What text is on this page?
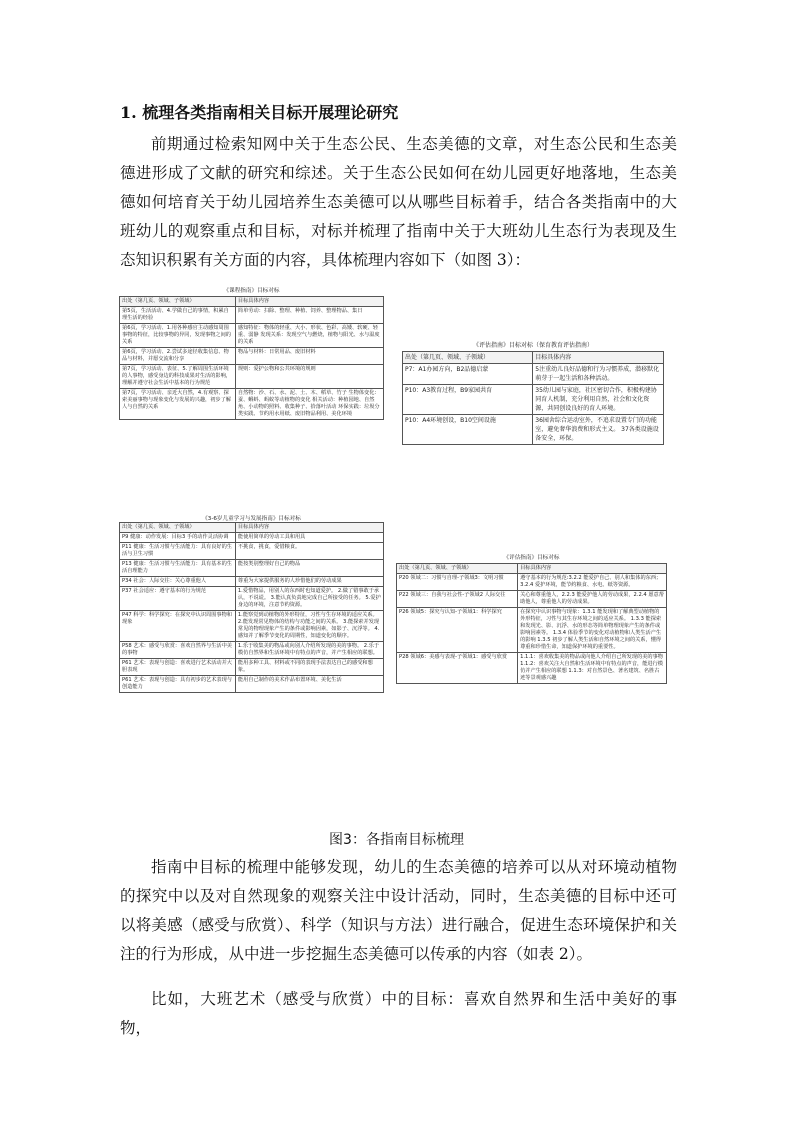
1. 梳理各类指南相关目标开展理论研究

前期通过检索知网中关于生态公民、生态美德的文章，对生态公民和生态美德进形成了文献的研究和综述。关于生态公民如何在幼儿园更好地落地，生态美德如何培育关于幼儿园培养生态美德可以从哪些目标着手，结合各类指南中的大班幼儿的观察重点和目标，对标并梳理了指南中关于大班幼儿生态行为表现及生态知识积累有关方面的内容，具体梳理内容如下（如图 3）：

《课程指南》目标对标
出处（第几页、领域、子领域）	目标具体内容
第5页，生活活动、4.学做自己的事情，积累自理生活的经验	简单劳动：扫除、整理、种植、饲养、整理物品、集日
第6页，学习活动、1.用各种感官主动感知周围事物的特征，比较事物的异同，发现事物之间的关系	感知特征：物体的轻重、大小、形状、色彩、高矮、软硬、轻重、弱静 发现关系：发现空气与燃烧，植物与阳光、水与温度的关系
第6页，学习活动、2.尝试多途径收集信息、物品与材料，并愿交流和分享	物品与材料：日常用品、废旧材料
第7页，学习活动、表征、5.了解周围生活环境的人事物，感受身边的科技成果对生活的影响，理解并遵守社会生活中基本的行为规范	规则：爱护公物和公共环境的规则
第7页，学习活动、亲近大自然，4.有观察、探索美丽事物与现象变化与发展的兴趣，初步了解人与自然的关系	自然物：沙、石、水、泥、土、木、稻草、竹子 生物体变化：蚕、蝌蚪、蚂蚁等动植物的变化 相关活动：种植园地、自然角、小动物的照料、收集种子、拾落叶活动 环保实践：垃圾分类实践、节约用水用纸、废旧物品利用、美化环境
《评估指南》目标对标（保育教育评估指南）
出处（第几页、领域、子领域）	目标具体内容
P7：A1办园方向，B2品德启蒙	5注重幼儿良好品德和行为习惯养成，潜移默化萌芽于一起生活和各种活动。
P10：A3教育过程，B9家园共育	35幼儿园与家庭，社区密切合作，积极构建协同育人机制，充分利用自然，社会和文化资源，共同创设良好的育人环境。
P10：A4环境创设，B10空间设施	36园舍综合运动室外，不追求设置专门的功能室，避免奢华浪费和形式主义。 37各类设施设备安全，环保。
《3-6岁儿童学习与发展指南》目标对标
出处（第几页、领域、子领域）	目标具体内容
P9 健康：动作发展：目标3 手的动作灵活协调	能使用简单的劳动工具和用具
P11 健康：生活习惯与生活能力：具有良好的生活与卫生习惯	不挑食，挑食，爱惜粮食。
P13 健康：生活习惯与生活能力：具有基本的生活自理能力	能按类别整理好自己的物品
P34 社会：人际交往：关心尊重他人	尊重为大家提供服务的人珍惜他们的劳动成果
P37 社会适应：遵守基本的行为规范	1.爱惜物品，用别人的东西时也知道爱护。 2.做了错事敢于承认，不说谎。 3.能认真负责地完成自己所接受的任务。 5.爱护身边的环境，注意节约资源。
P47 科学：科学探究：在探究中认识周围事物和现象	1.能察觉到动植物的外形特征，习性与生存环境的适应关系。 2.能发现常见物体的结构与功能之间的关系。 3.能探索并发现常见的物理现象产生的条件或影响因素，如影子、沉浮等。 4.感知并了解季节变化的周期性，知道变化的顺序。
P58 艺术：感受与欣赏：喜欢自然界与生活中美的事物	1.乐于收集美的物品或向别人介绍所发现的美的事物。 2.乐于模仿自然界和生活环境中有特点的声音，并产生相应的联想。
P61 艺术：表现与创造：喜欢进行艺术活动并大胆表现	能用多种工具、材料或不同的表现手法表达自己的感受和想象。
P61 艺术：表现与创造：具有初步的艺术表现与创造能力	能用自己制作的美术作品布置环境、美化生活
《评估指南》目标对标
出处（第几页、领域、子领域）	目标具体内容
P20 领域二：习惯与自理-子领域3：文明习惯	遵守基本的行为规范:3.2.2 能爱护自己、别人和集体的东西；3.2.4 爱护环境，能节约粮食、水电、纸等资源。
P22 领域三：自我与社会性-子领域2 人际交往	关心和尊重他人，2.2.3 能爱护他人的劳动成果，2.2.4 愿意帮助他人，尊重他人的劳动成果。
P26 领域5：探究与认知-子领域1：科学探究	在探究中认识事物与现象：1.3.1 能发现和了解典型动植物的外形特征，习性与其生存环境之间的适应关系。 1.3.3 能探索和发现光、影、沉浮、水的形态等简单物理现象产生的条件或影响因素等。 1.3.4 体验季节的变化对动植物和人类生活产生的影响 1.3.5 初步了解人类生活和自然环境之间的关系，懂得尊重和珍惜生命，知道保护环境的重要性。
P28 领域6：美感与表现-子领域1：感受与欣赏	1.1.1：喜欢收集美的物品或向他人介绍自己所发现的美的事物 1.1.2：喜欢关注大自然和生活环境中有特点的声音，能进行模仿并产生相应的联想 1.1.3：对自然景色、著名建筑、名胜古迹等景观感兴趣

图3：各指南目标梳理

指南中目标的梳理中能够发现，幼儿的生态美德的培养可以从对环境动植物的探究中以及对自然现象的观察关注中设计活动，同时，生态美德的目标中还可以将美感（感受与欣赏）、科学（知识与方法）进行融合，促进生态环境保护和关注的行为形成，从中进一步挖掘生态美德可以传承的内容（如表 2）。

比如，大班艺术（感受与欣赏）中的目标：喜欢自然界和生活中美好的事物，
